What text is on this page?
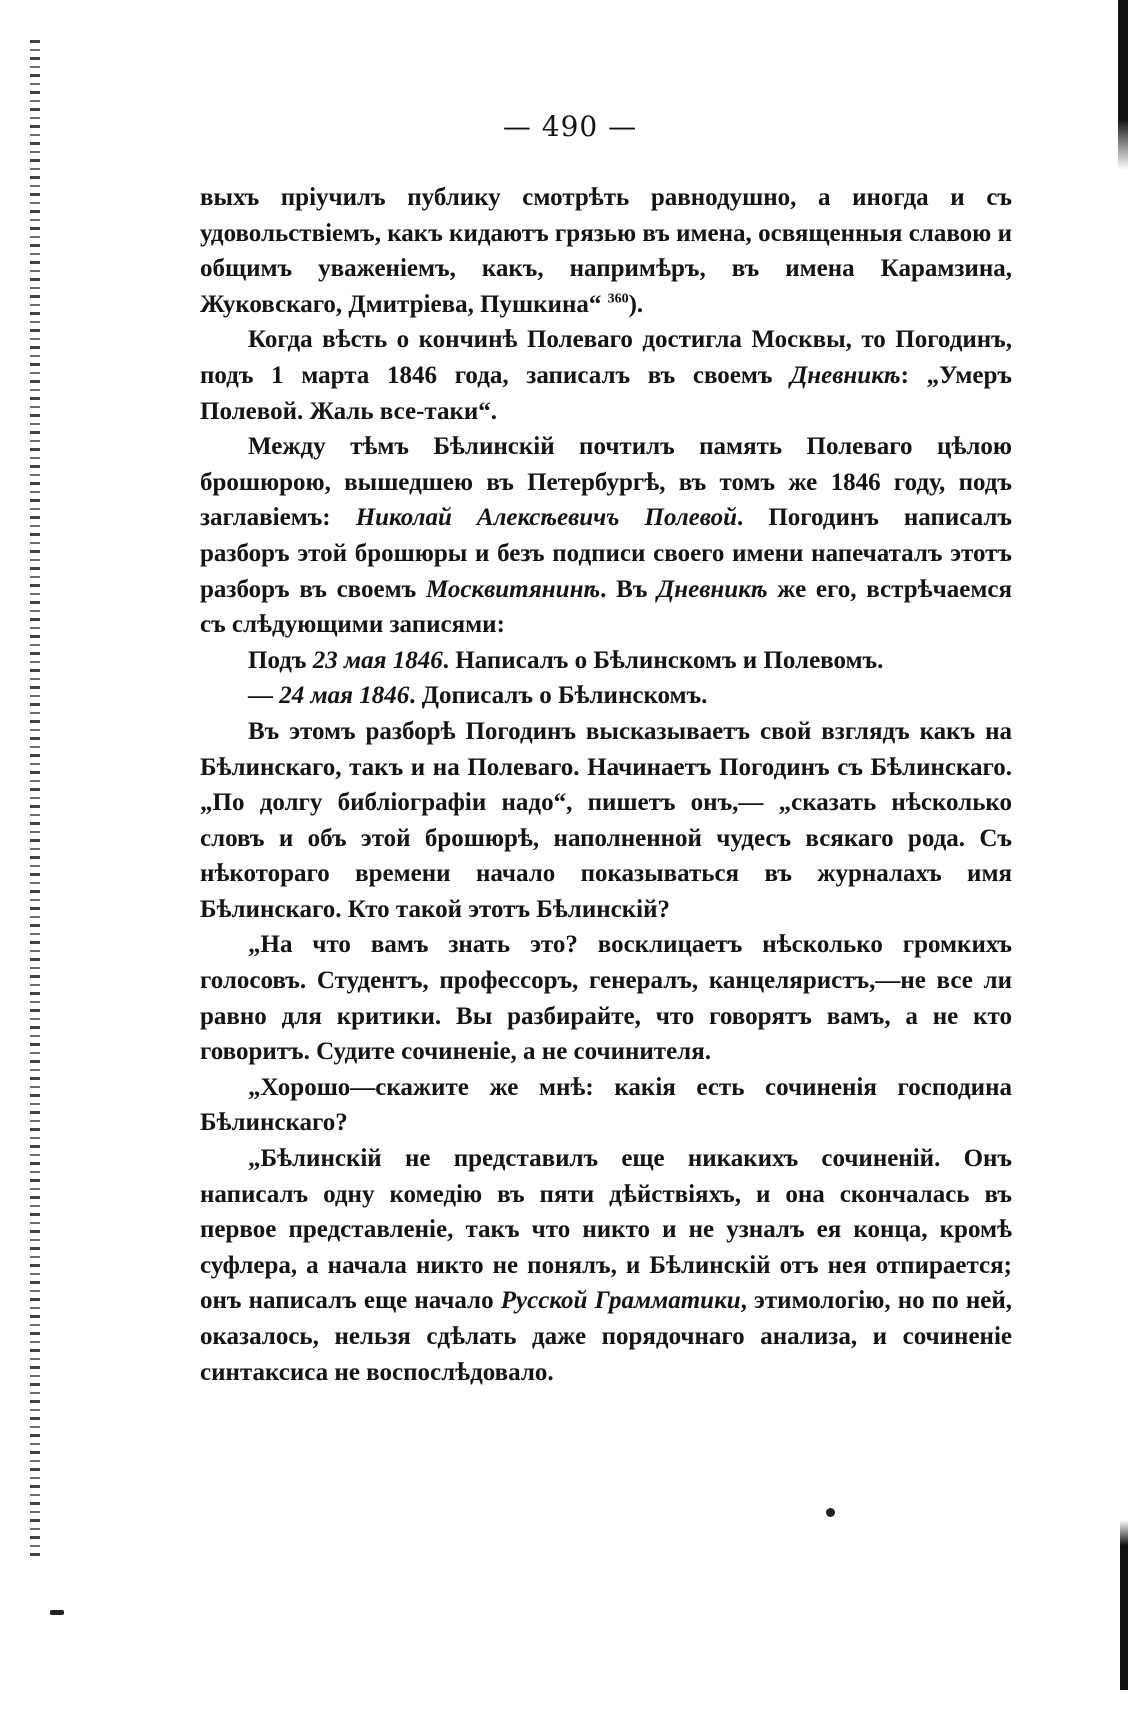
— 490 —

выхъ пріучилъ публику смотрѣть равнодушно, а иногда и съ удовольствіемъ, какъ кидаютъ грязью въ имена, освященныя славою и общимъ уваженіемъ, какъ, напримѣръ, въ имена Карамзина, Жуковскаго, Дмитріева, Пушкина“ $^{360}$).

Когда вѣсть о кончинѣ Полеваго достигла Москвы, то Погодинъ, подъ 1 марта 1846 года, записалъ въ своемъ Дневникѣ: „Умеръ Полевой. Жаль все-таки“.

Между тѣмъ Бѣлинскій почтилъ память Полеваго цѣлою брошюрою, вышедшею въ Петербургѣ, въ томъ же 1846 году, подъ заглавіемъ: Николай Алексѣевичъ Полевой. Погодинъ написалъ разборъ этой брошюры и безъ подписи своего имени напечаталъ этотъ разборъ въ своемъ Москвитянинѣ. Въ Дневникѣ же его, встрѣчаемся съ слѣдующими записями:

Подъ 23 мая 1846. Написалъ о Бѣлинскомъ и Полевомъ.

— 24 мая 1846. Дописалъ о Бѣлинскомъ.

Въ этомъ разборѣ Погодинъ высказываетъ свой взглядъ какъ на Бѣлинскаго, такъ и на Полеваго. Начинаетъ Погодинъ съ Бѣлинскаго. „По долгу библіографіи надо“, пишетъ онъ,— „сказать нѣсколько словъ и объ этой брошюрѣ, наполненной чудесъ всякаго рода. Съ нѣкотораго времени начало показываться въ журналахъ имя Бѣлинскаго. Кто такой этотъ Бѣлинскій?

„На что вамъ знать это? восклицаетъ нѣсколько громкихъ голосовъ. Студентъ, профессоръ, генералъ, канцеляристъ,—не все ли равно для критики. Вы разбирайте, что говорятъ вамъ, а не кто говоритъ. Судите сочиненіе, а не сочинителя.

„Хорошо—скажите же мнѣ: какія есть сочиненія господина Бѣлинскаго?

„Бѣлинскій не представилъ еще никакихъ сочиненій. Онъ написалъ одну комедію въ пяти дѣйствіяхъ, и она скончалась въ первое представленіе, такъ что никто и не узналъ ея конца, кромѣ суфлера, а начала никто не понялъ, и Бѣлинскій отъ нея отпирается; онъ написалъ еще начало Русской Грамматики, этимологію, но по ней, оказалось, нельзя сдѣлать даже порядочнаго анализа, и сочиненіе синтаксиса не воспослѣдовало.
